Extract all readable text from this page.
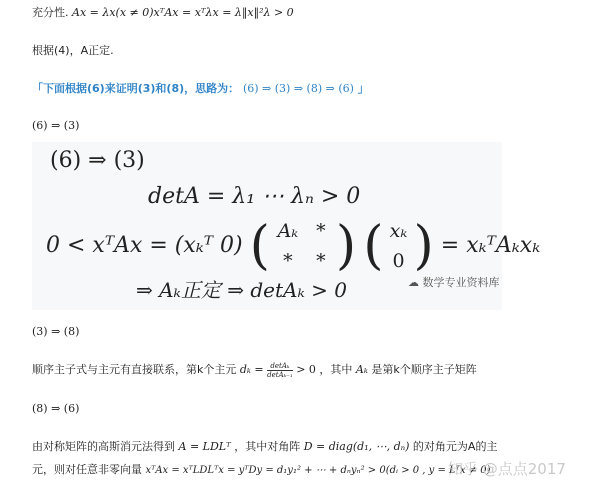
充分性. Ax = λx(x ≠ 0)xᵀAx = xᵀλx = λ‖x‖²λ > 0
根据(4)，A正定.
「下面根据(6)来证明(3)和(8)，思路为： (6) ⇒ (3) ⇒ (8) ⇒ (6) 」
(6) ⇒ (3)
(6) ⇒ (3)
detA = λ₁ ⋯ λₙ > 0
0 < xᵀAx = (xₖᵀ 0) ( Aₖ *
* * ) ( xₖ
0 ) = xₖᵀAₖxₖ
⇒ Aₖ正定 ⇒ detAₖ > 0	☁ 数学专业资料库
(3) ⇒ (8)
顺序主子式与主元有直接联系，第k个主元 $d_k = \frac{\text{detAₖ}}{\text{detAₖ₋₁}} > 0$ ，其中 Aₖ 是第k个顺序主子矩阵
(8) ⇒ (6)
由对称矩阵的高斯消元法得到 A = LDLᵀ ，其中对角阵 D = diag(d₁, ⋯, dₙ) 的对角元为A的主
元，则对任意非零向量 xᵀAx = xᵀLDLᵀx = yᵀDy = d₁y₁² + ⋯ + dₙyₙ² > 0(dᵢ > 0 , y = Lᵀx ≠ 0)
知乎 @点点2017
